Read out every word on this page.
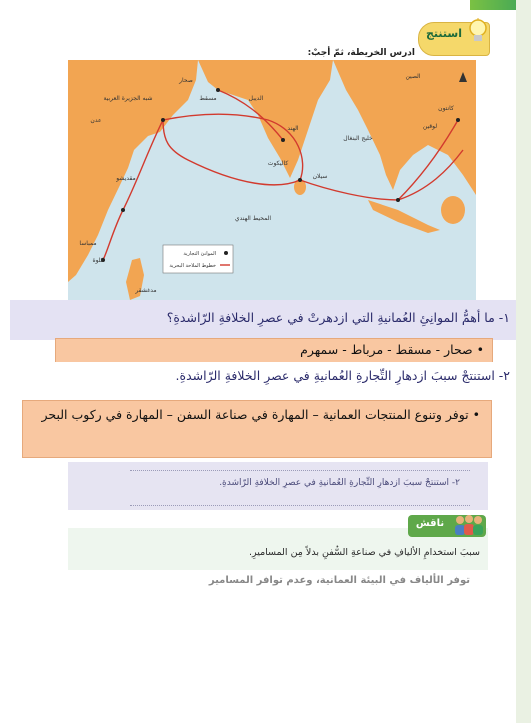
استنتج
ادرس الخريطة، ثمّ أجبْ:
شبه الجزيرة العربية
عدن
صحار
مسقط	الديبل
الهند
خليج البنغال
كاليكوت
سيلان
الصين
كانتون
لوقين
المحيط الهندي
ممباسا
كلوة
مدغشقر
مقديشو
الموانئ التجارية
خطوط الملاحة البحرية
١- ما أهمُّ الموانِئِ العُمانيةِ التي ازدهرتْ في عصرِ الخلافةِ الرّاشدةِ؟
• صحار - مسقط - مرباط - سمهرم
٢- استنتجْ سببَ ازدهارِ التِّجارةِ العُمانيةِ في عصرِ الخلافةِ الرّاشدةِ.
• توفر وتنوع المنتجات العمانية – المهارة في صناعة السفن – المهارة في ركوب البحر
٢- استنتجْ سببَ ازدهارِ التِّجارةِ العُمانيةِ في عصرِ الخلافةِ الرّاشدةِ.
ناقش
سببَ استخدامِ الأليافِ في صناعةِ السُّفنِ بدلاً مِن المساميرِ.
توفر الألياف في البيئة العمانية، وعدم توافر المسامير
